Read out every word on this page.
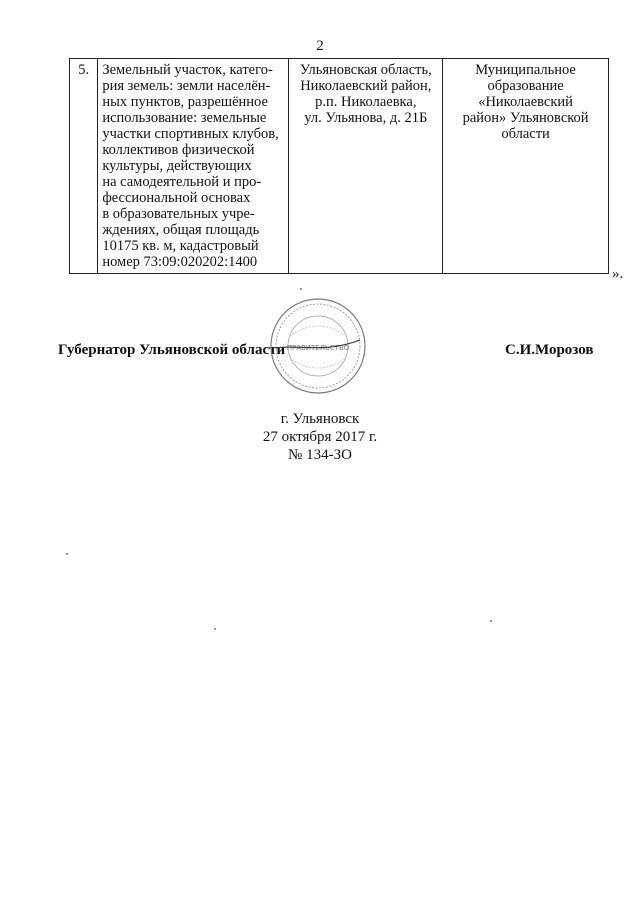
2
5.	Земельный участок, катего-
рия земель: земли населён-
ных пунктов, разрешённое
использование: земельные
участки спортивных клубов,
коллективов физической
культуры, действующих
на самодеятельной и про-
фессиональной основах
в образовательных учре-
ждениях, общая площадь
10175 кв. м, кадастровый
номер 73:09:020202:1400

Ульяновская область,
Николаевский район,
р.п. Николаевка,
ул. Ульянова, д. 21Б

Муниципальное
образование
«Николаевский
район» Ульяновской
области
».
Губернатор Ульяновской области ПРАВИТЕЛЬСТВО	С.И.Морозов
г. Ульяновск
27 октября 2017 г.
№ 134-ЗО
